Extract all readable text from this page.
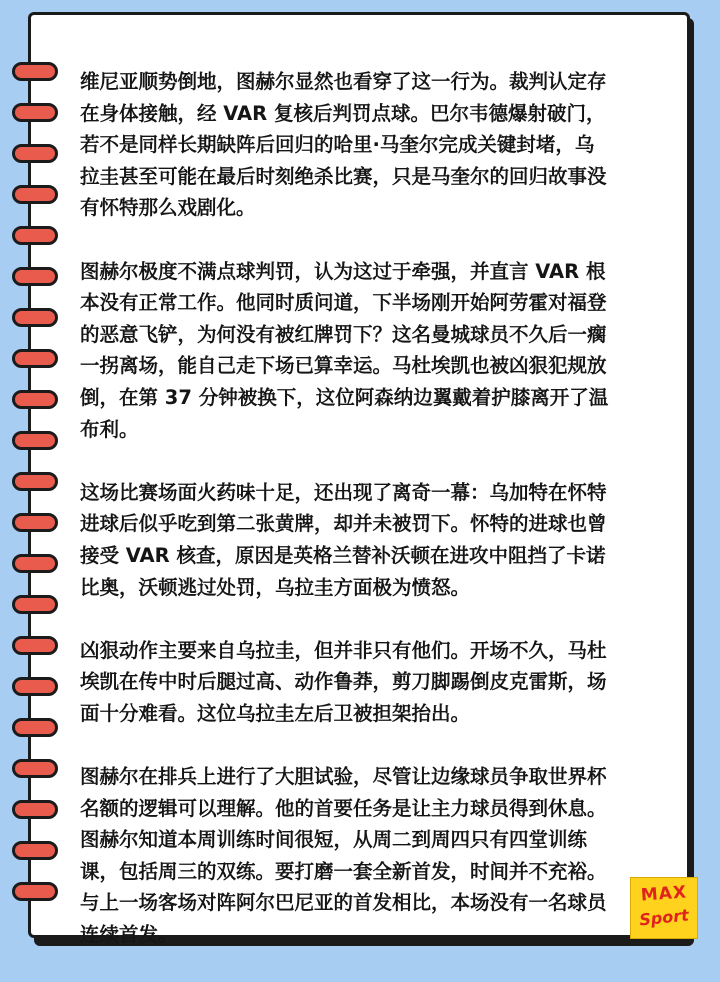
维尼亚顺势倒地，图赫尔显然也看穿了这一行为。裁判认定存
在身体接触，经 VAR 复核后判罚点球。巴尔韦德爆射破门，
若不是同样长期缺阵后回归的哈里·马奎尔完成关键封堵，乌
拉圭甚至可能在最后时刻绝杀比赛，只是马奎尔的回归故事没
有怀特那么戏剧化。

图赫尔极度不满点球判罚，认为这过于牵强，并直言 VAR 根
本没有正常工作。他同时质问道，下半场刚开始阿劳霍对福登
的恶意飞铲，为何没有被红牌罚下？这名曼城球员不久后一瘸
一拐离场，能自己走下场已算幸运。马杜埃凯也被凶狠犯规放
倒，在第 37 分钟被换下，这位阿森纳边翼戴着护膝离开了温
布利。

这场比赛场面火药味十足，还出现了离奇一幕：乌加特在怀特
进球后似乎吃到第二张黄牌，却并未被罚下。怀特的进球也曾
接受 VAR 核查，原因是英格兰替补沃顿在进攻中阻挡了卡诺
比奥，沃顿逃过处罚，乌拉圭方面极为愤怒。

凶狠动作主要来自乌拉圭，但并非只有他们。开场不久，马杜
埃凯在传中时后腿过高、动作鲁莽，剪刀脚踢倒皮克雷斯，场
面十分难看。这位乌拉圭左后卫被担架抬出。

图赫尔在排兵上进行了大胆试验，尽管让边缘球员争取世界杯
名额的逻辑可以理解。他的首要任务是让主力球员得到休息。
图赫尔知道本周训练时间很短，从周二到周四只有四堂训练
课，包括周三的双练。要打磨一套全新首发，时间并不充裕。
与上一场客场对阵阿尔巴尼亚的首发相比，本场没有一名球员
连续首发。

MAX
Sport
